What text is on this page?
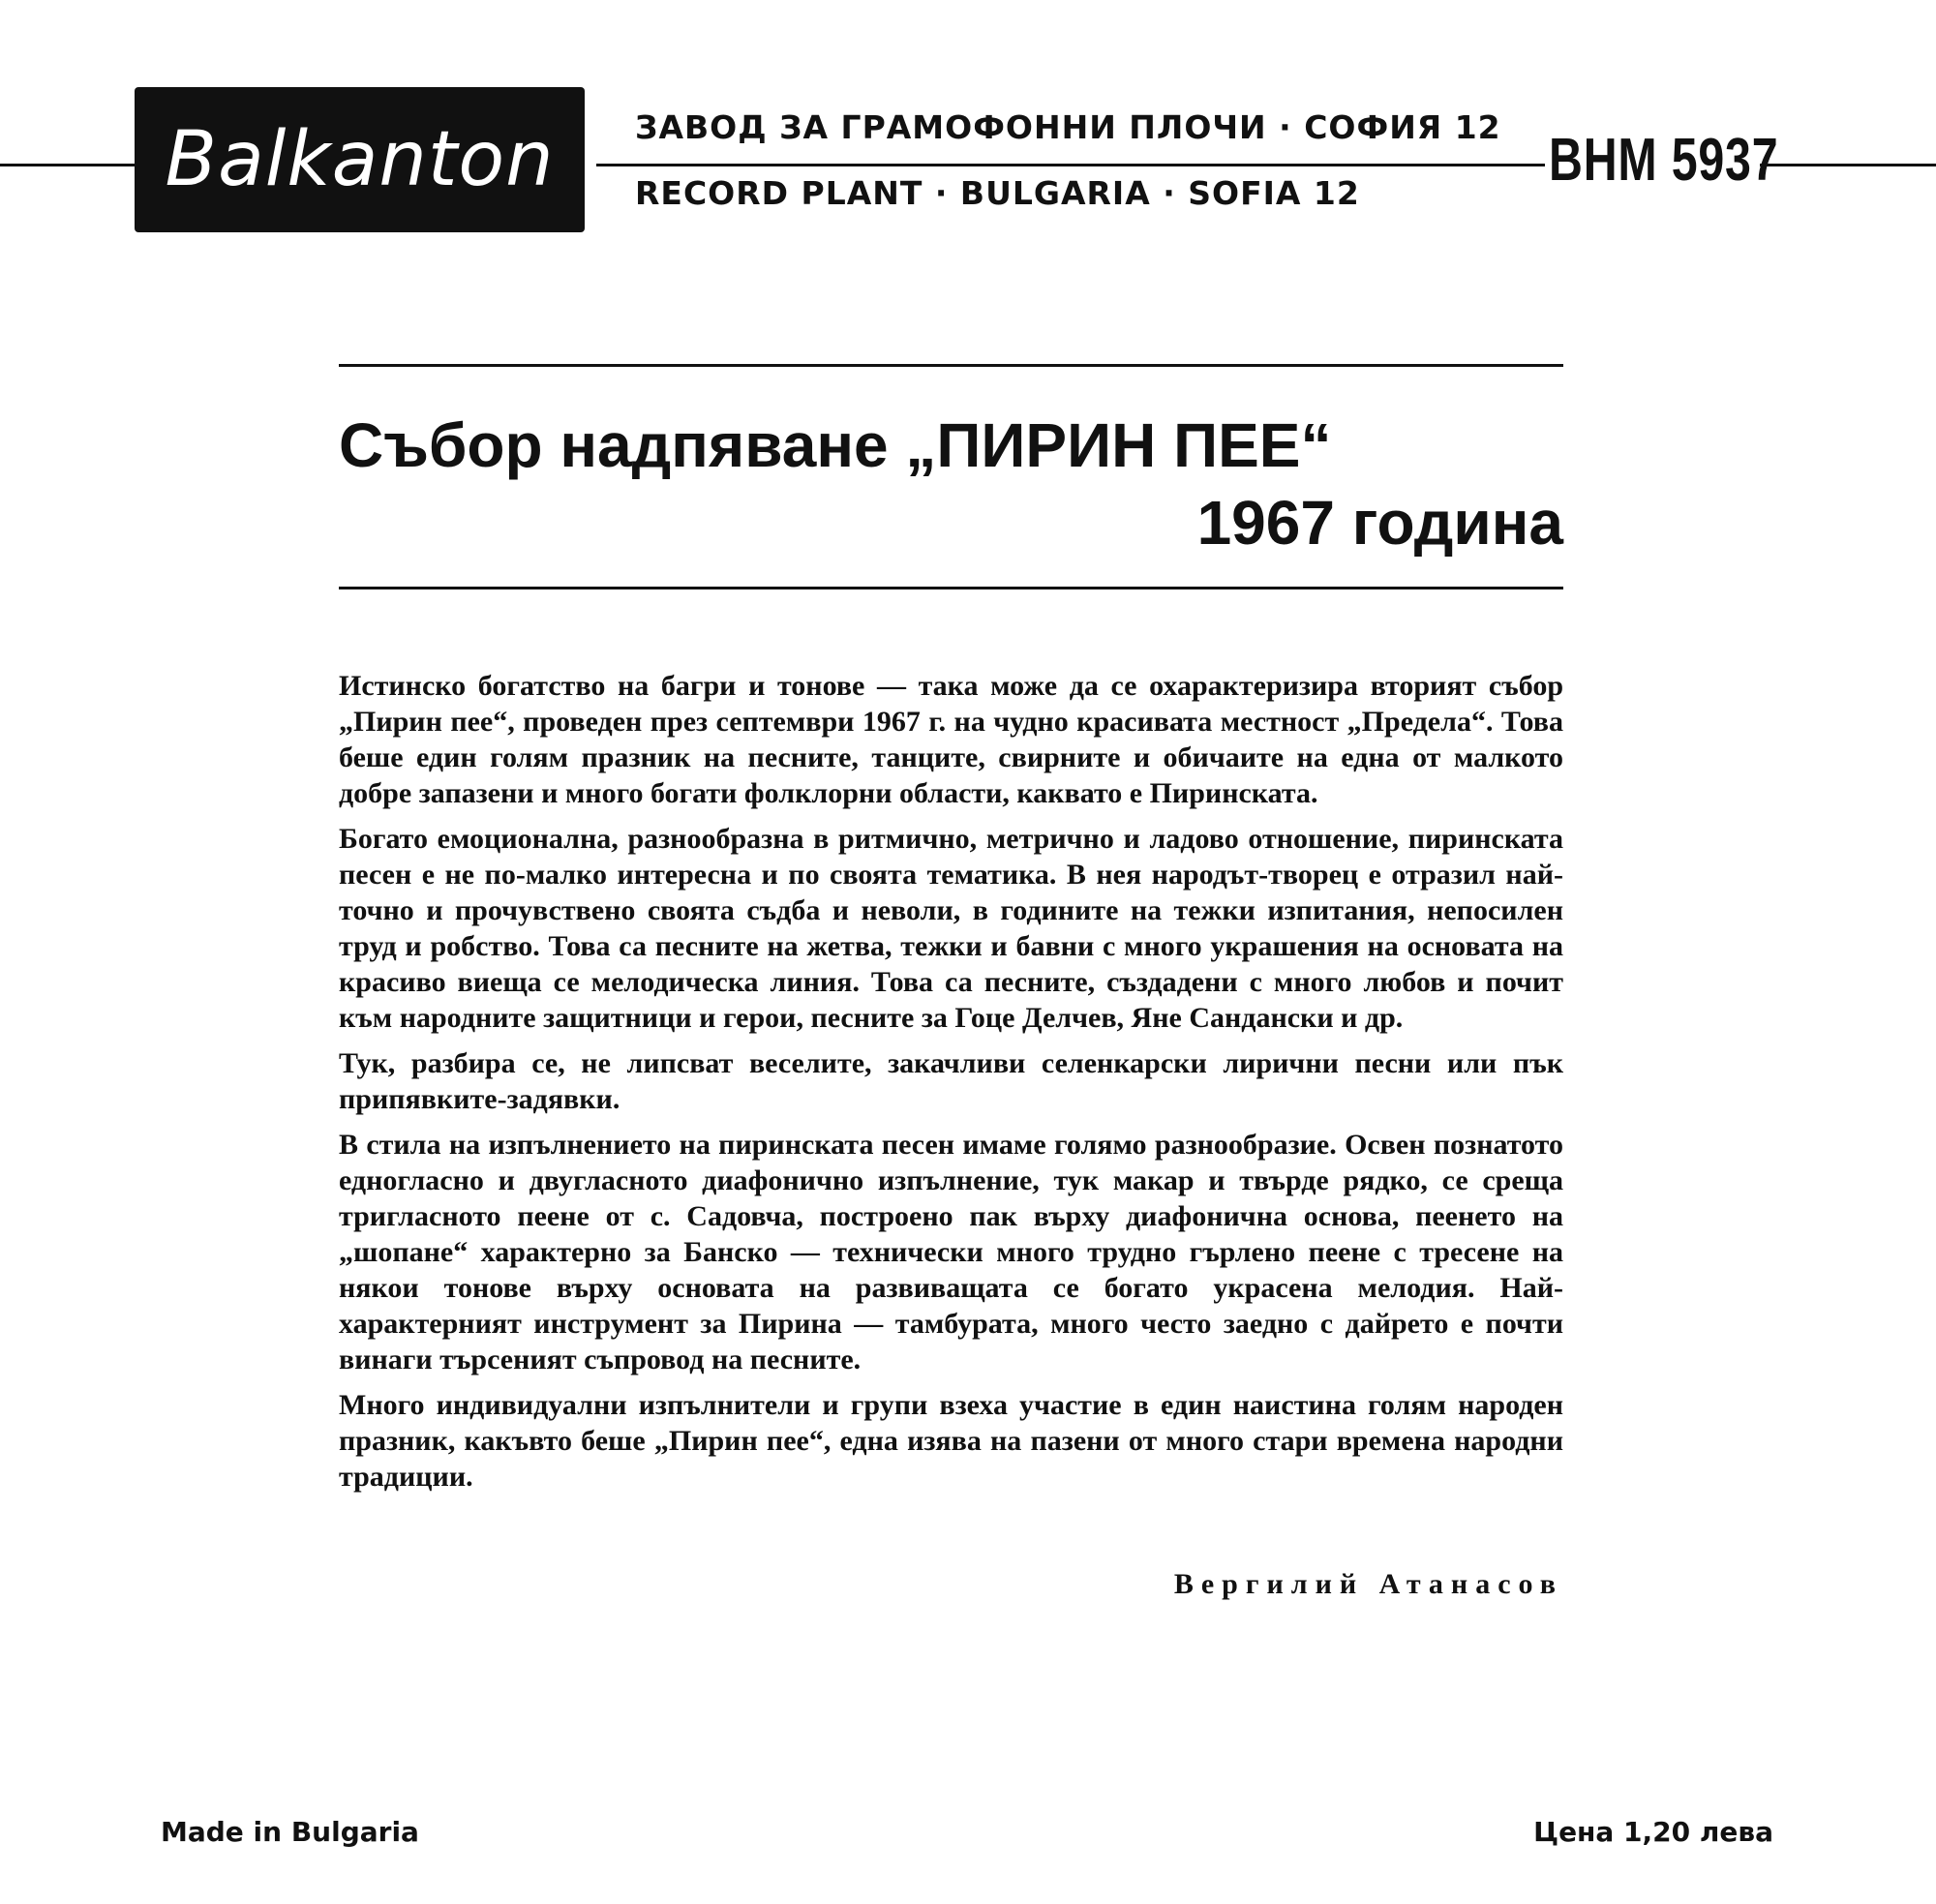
Balkanton	ЗАВОД ЗА ГРАМОФОННИ ПЛОЧИ · СОФИЯ 12
RECORD PLANT · BULGARIA · SOFIA 12	ВНМ 5937
Събор надпяване „ПИРИН ПЕЕ“
1967 година

Истинско богатство на багри и тонове — така може да се охарактеризира вторият събор „Пирин пее“, проведен през септември 1967 г. на чудно красивата местност „Предела“. Това беше един голям празник на песните, танците, свирните и обичаите на една от малкото добре запазени и много богати фолклорни области, каквато е Пиринската.

Богато емоционална, разнообразна в ритмично, метрично и ладово отношение, пиринската песен е не по-малко интересна и по своята тематика. В нея народът-творец е отразил най-точно и прочувствено своята съдба и неволи, в годините на тежки изпитания, непосилен труд и робство. Това са песните на жетва, тежки и бавни с много украшения на основата на красиво виеща се мелодическа линия. Това са песните, създадени с много любов и почит към народните защитници и герои, песните за Гоце Делчев, Яне Сандански и др.

Тук, разбира се, не липсват веселите, закачливи селенкарски лирични песни или пък припявките-задявки.

В стила на изпълнението на пиринската песен имаме голямо разнообразие. Освен познатото едногласно и двугласното диафонично изпълнение, тук макар и твърде рядко, се среща тригласното пеене от с. Садовча, построено пак върху диафонична основа, пеенето на „шопане“ характерно за Банско — технически много трудно гърлено пеене с тресене на някои тонове върху основата на развиващата се богато украсена мелодия. Най-характерният инструмент за Пирина — тамбурата, много често заедно с дайрето е почти винаги търсеният съпровод на песните.

Много индивидуални изпълнители и групи взеха участие в един наистина голям народен празник, какъвто беше „Пирин пее“, една изява на пазени от много стари времена народни традиции.

Вергилий Атанасов
Made in Bulgaria	Цена 1,20 лева
